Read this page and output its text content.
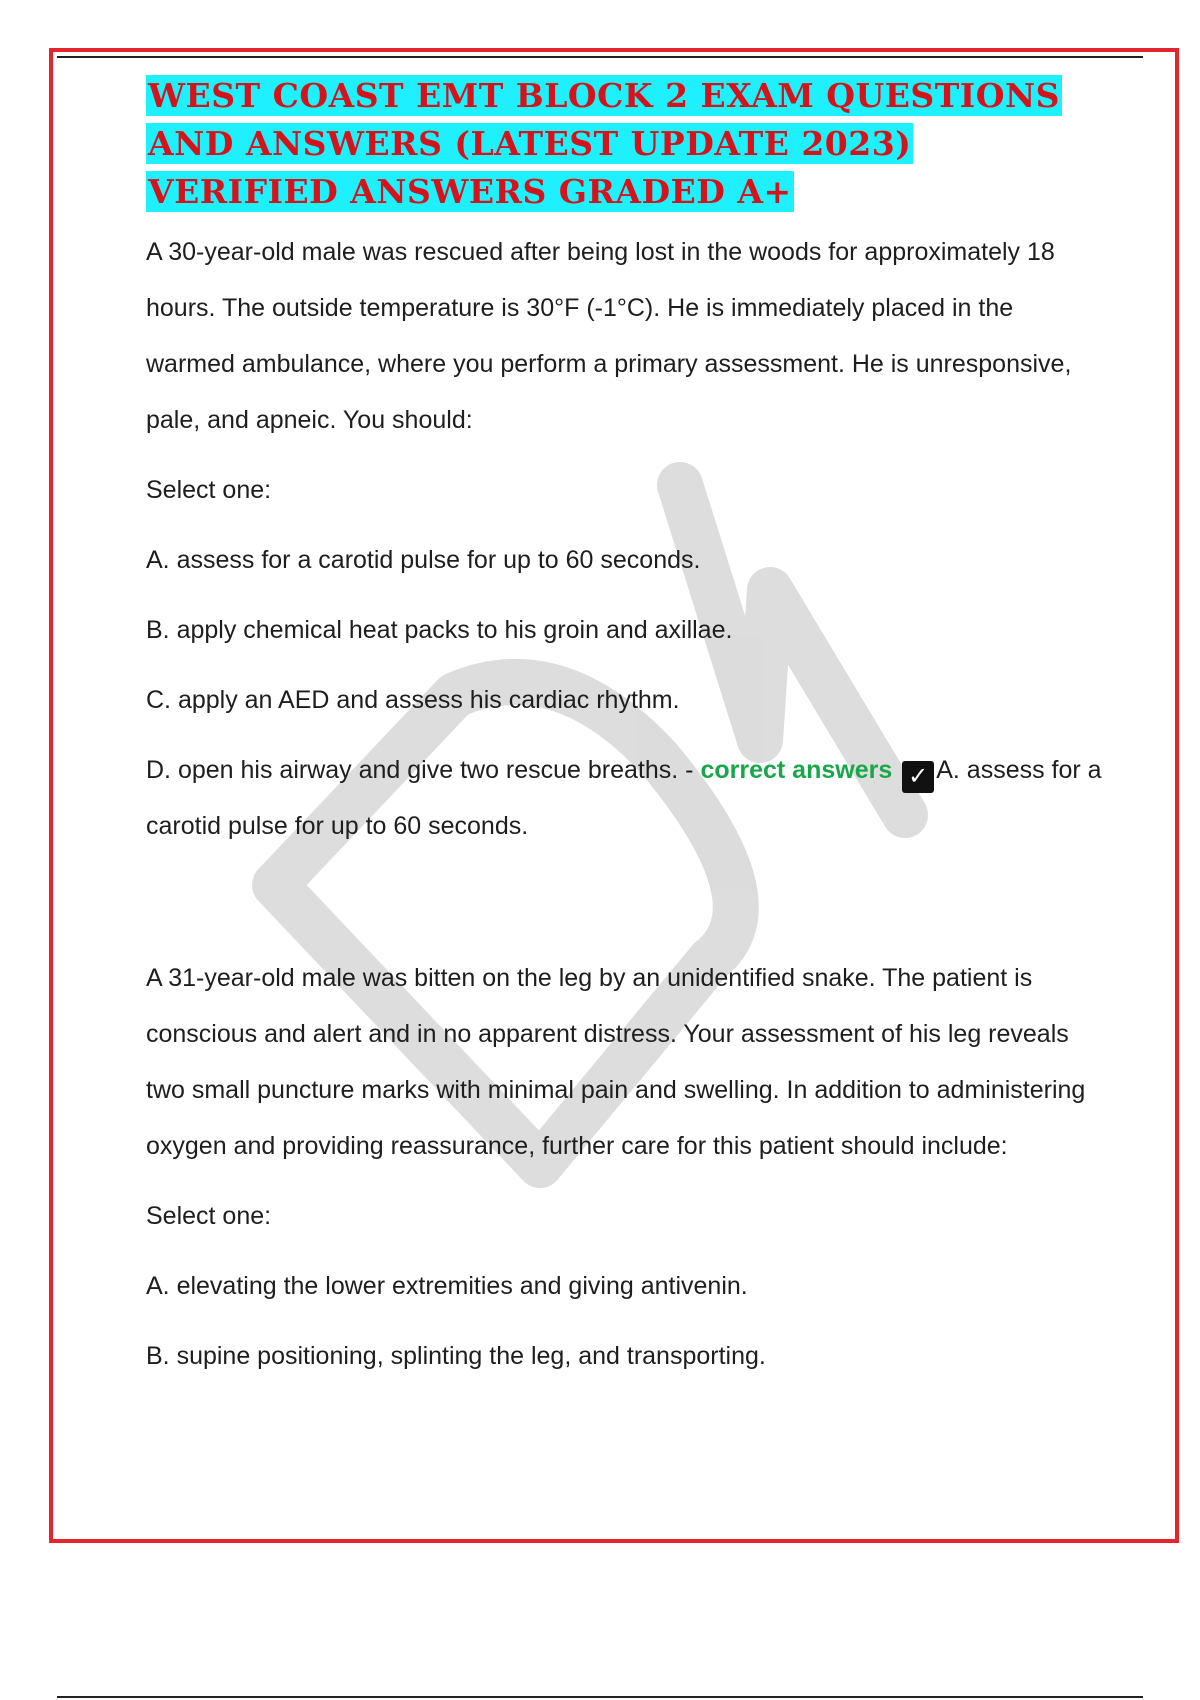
WEST COAST EMT BLOCK 2 EXAM QUESTIONS AND ANSWERS (LATEST UPDATE 2023) VERIFIED ANSWERS GRADED A+

A 30-year-old male was rescued after being lost in the woods for approximately 18 hours. The outside temperature is 30°F (-1°C). He is immediately placed in the warmed ambulance, where you perform a primary assessment. He is unresponsive, pale, and apneic. You should:

Select one:

A. assess for a carotid pulse for up to 60 seconds.

B. apply chemical heat packs to his groin and axillae.

C. apply an AED and assess his cardiac rhythm.

D. open his airway and give two rescue breaths. - correct answers ✓ A. assess for a carotid pulse for up to 60 seconds.

A 31-year-old male was bitten on the leg by an unidentified snake. The patient is conscious and alert and in no apparent distress. Your assessment of his leg reveals two small puncture marks with minimal pain and swelling. In addition to administering oxygen and providing reassurance, further care for this patient should include:

Select one:

A. elevating the lower extremities and giving antivenin.

B. supine positioning, splinting the leg, and transporting.
